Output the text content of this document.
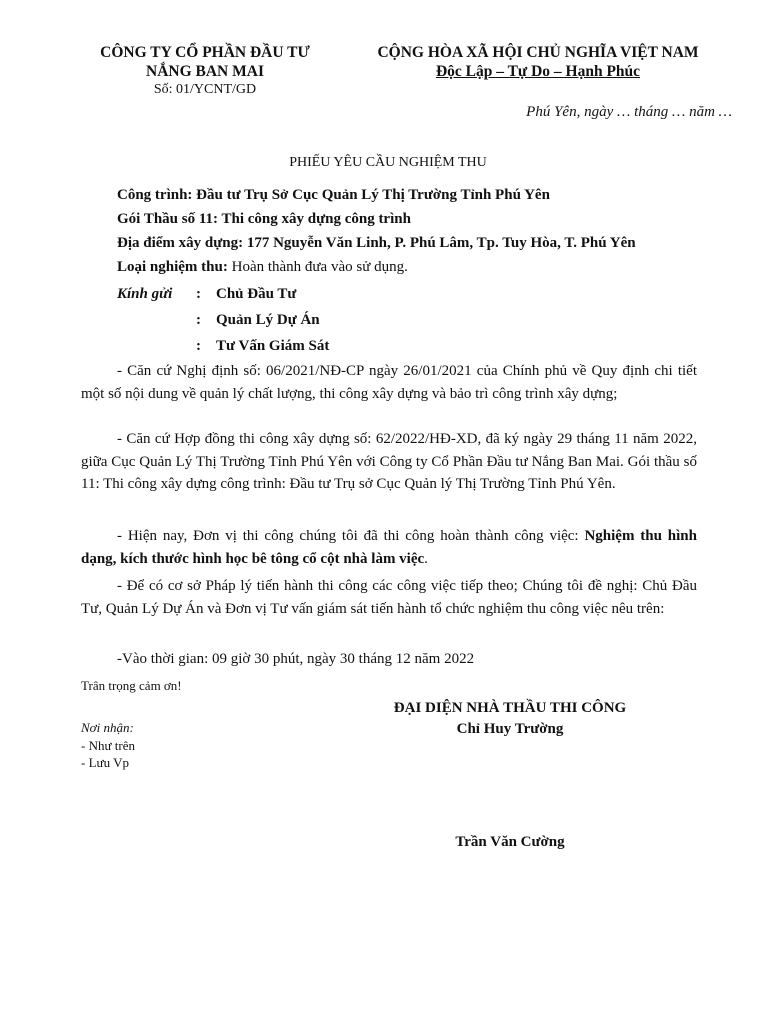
CÔNG TY CỔ PHẦN ĐẦU TƯ
NẮNG BAN MAI
Số: 01/YCNT/GD
CỘNG HÒA XÃ HỘI CHỦ NGHĨA VIỆT NAM
Độc Lập – Tự Do – Hạnh Phúc
Phú Yên, ngày … tháng … năm …
PHIẾU YÊU CẦU NGHIỆM THU
Công trình: Đầu tư Trụ Sở Cục Quản Lý Thị Trường Tỉnh Phú Yên
Gói Thầu số 11: Thi công xây dựng công trình
Địa điểm xây dựng: 177 Nguyễn Văn Linh, P. Phú Lâm, Tp. Tuy Hòa, T. Phú Yên
Loại nghiệm thu: Hoàn thành đưa vào sử dụng.
Kính gửi : Chủ Đầu Tư
: Quản Lý Dự Án
: Tư Vấn Giám Sát
- Căn cứ Nghị định số: 06/2021/NĐ-CP ngày 26/01/2021 của Chính phủ về Quy định chi tiết một số nội dung về quản lý chất lượng, thi công xây dựng và bảo trì công trình xây dựng;
- Căn cứ Hợp đồng thi công xây dựng số: 62/2022/HĐ-XD, đã ký ngày 29 tháng 11 năm 2022, giữa Cục Quản Lý Thị Trường Tỉnh Phú Yên với Công ty Cổ Phần Đầu tư Nắng Ban Mai. Gói thầu số 11: Thi công xây dựng công trình: Đầu tư Trụ sở Cục Quản lý Thị Trường Tỉnh Phú Yên.
- Hiện nay, Đơn vị thi công chúng tôi đã thi công hoàn thành công việc: Nghiệm thu hình dạng, kích thước hình học bê tông cổ cột nhà làm việc.
- Để có cơ sở Pháp lý tiến hành thi công các công việc tiếp theo; Chúng tôi đề nghị: Chủ Đầu Tư, Quản Lý Dự Án và Đơn vị Tư vấn giám sát tiến hành tổ chức nghiệm thu công việc nêu trên:
-Vào thời gian: 09 giờ 30 phút, ngày 30 tháng 12 năm 2022
Trân trọng cảm ơn!
ĐẠI DIỆN NHÀ THẦU THI CÔNG
Chỉ Huy Trường
Trần Văn Cường
Nơi nhận:
- Như trên
- Lưu Vp
